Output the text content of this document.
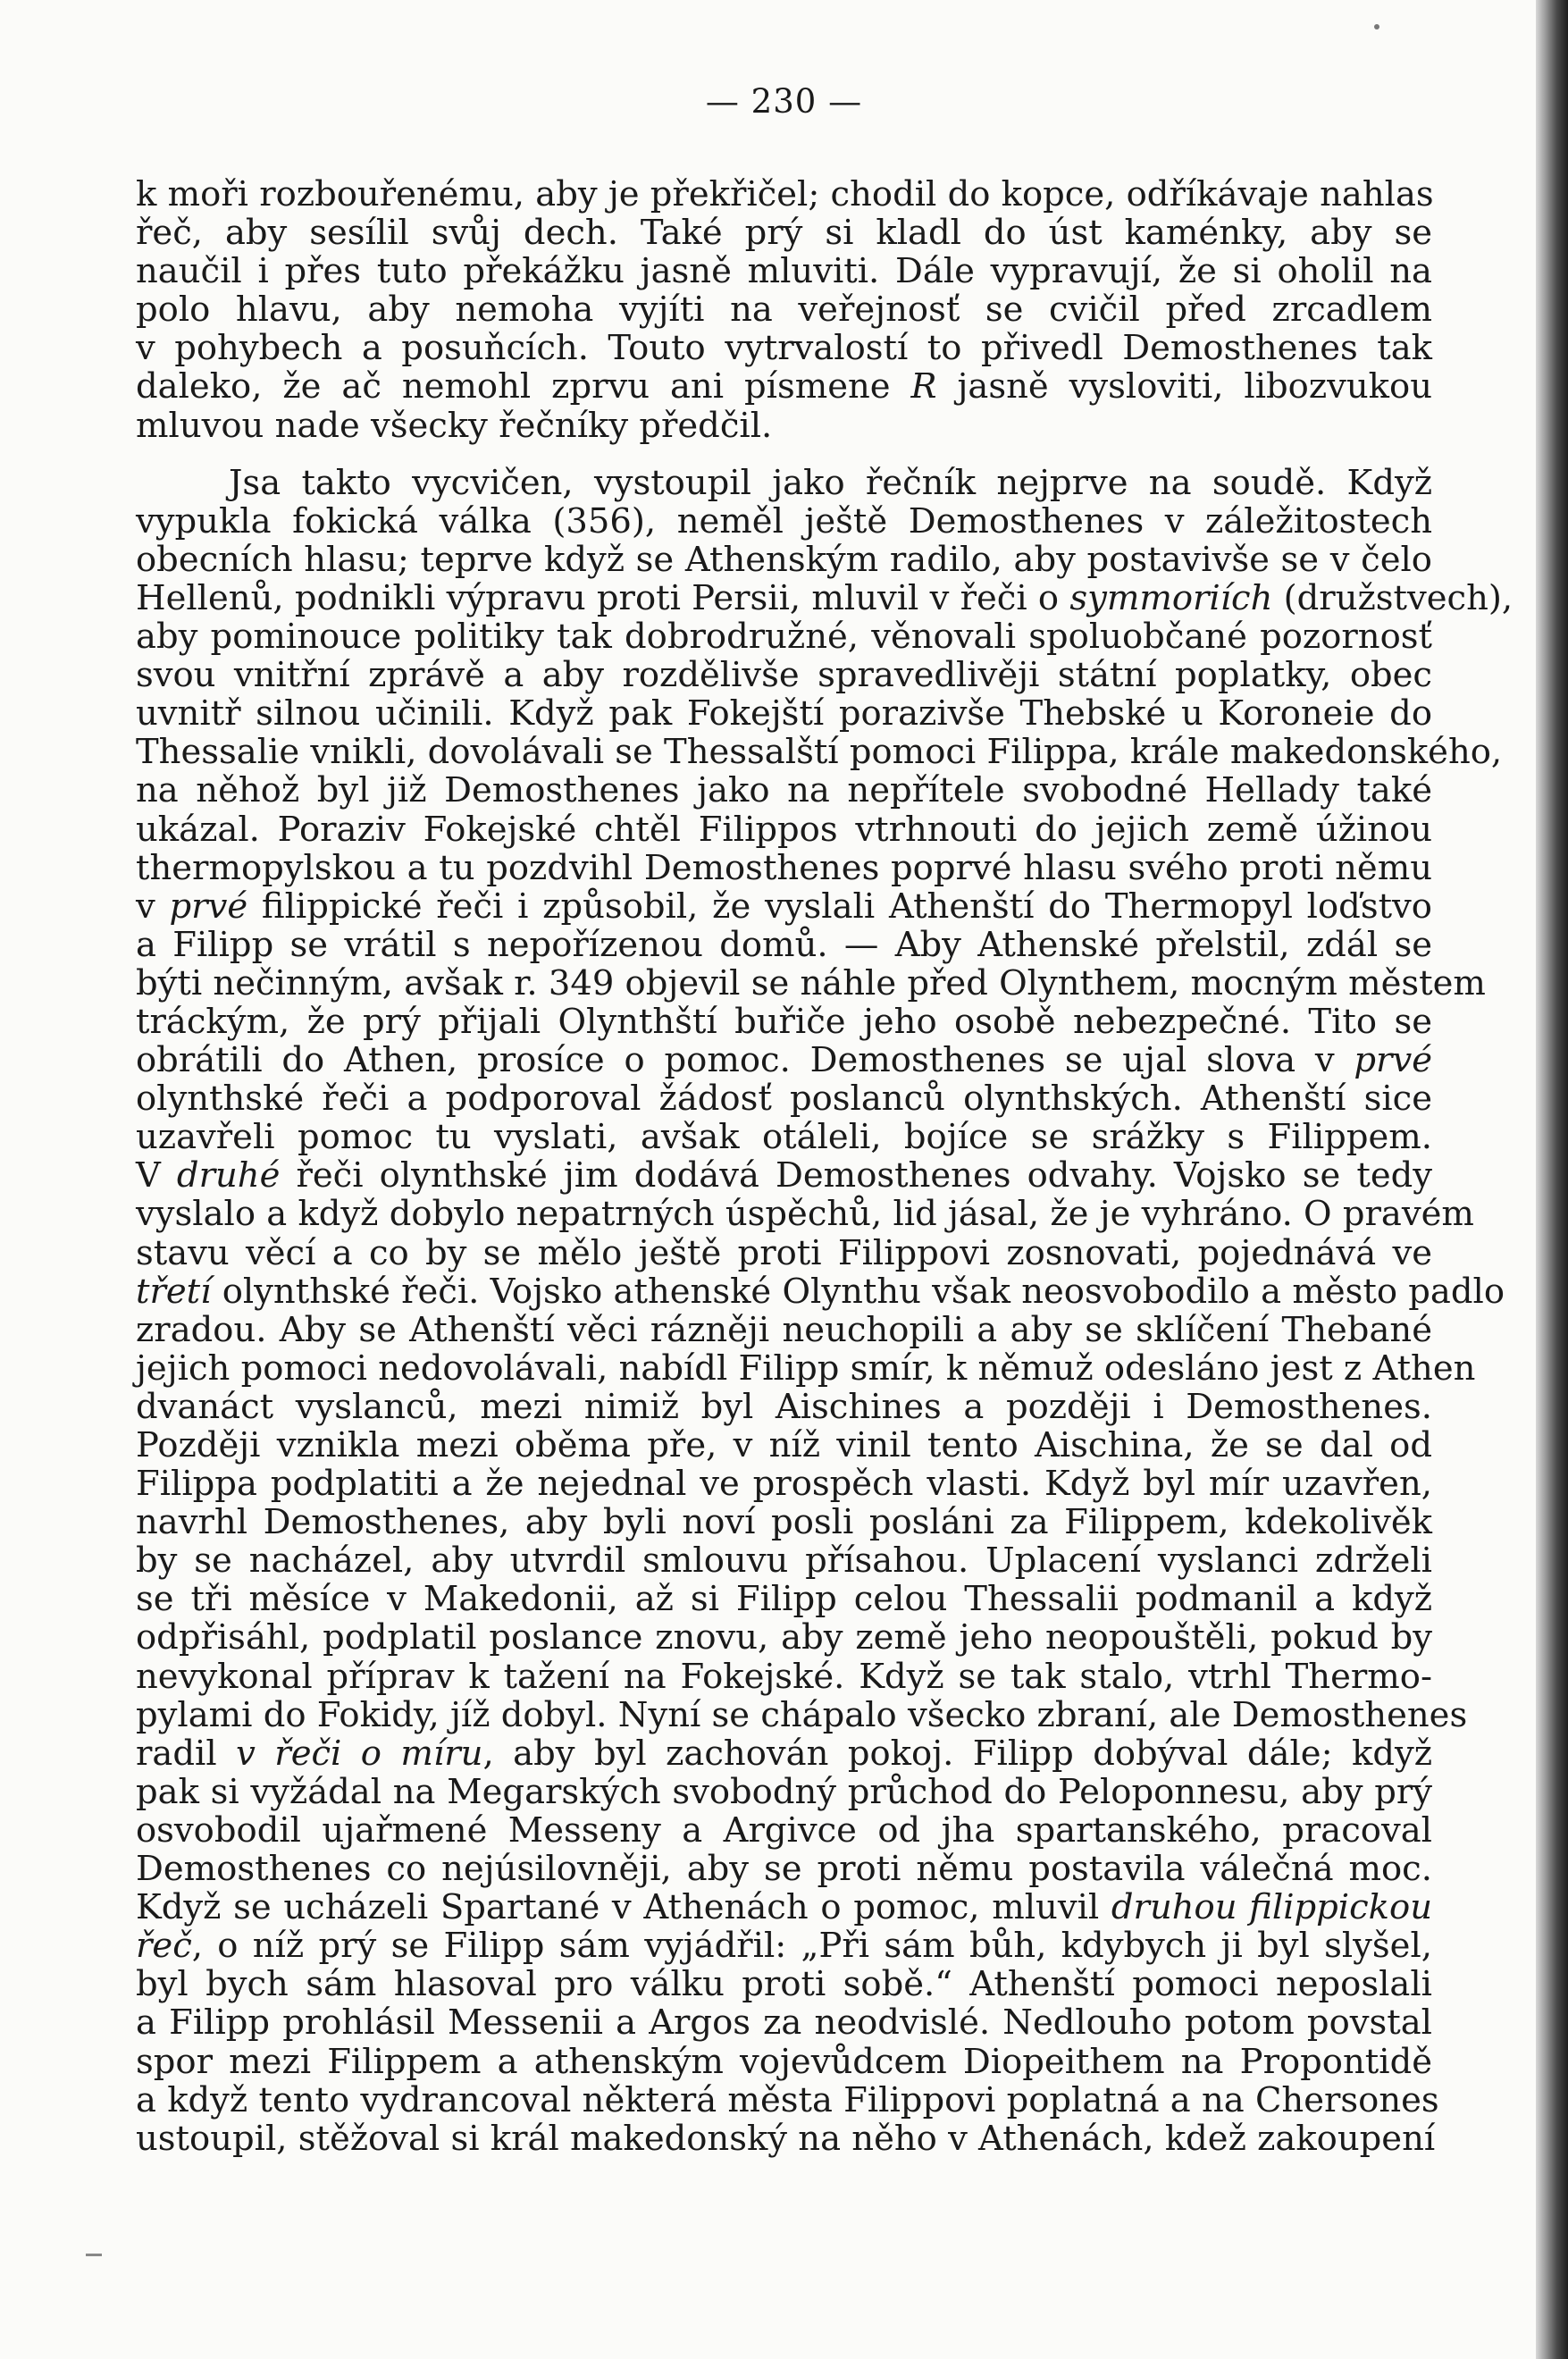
— 230 —
k moři rozbouřenému, aby je překřičel; chodil do kopce, odříkávaje nahlas
řeč, aby sesílil svůj dech. Také prý si kladl do úst kaménky, aby se
naučil i přes tuto překážku jasně mluviti. Dále vypravují, že si oholil na
polo hlavu, aby nemoha vyjíti na veřejnosť se cvičil před zrcadlem
v pohybech a posuňcích. Touto vytrvalostí to přivedl Demosthenes tak
daleko, že ač nemohl zprvu ani písmene R jasně vysloviti, libozvukou
mluvou nade všecky řečníky předčil.
Jsa takto vycvičen, vystoupil jako řečník nejprve na soudě. Když
vypukla fokická válka (356), neměl ještě Demosthenes v záležitostech
obecních hlasu; teprve když se Athenským radilo, aby postavivše se v čelo
Hellenů, podnikli výpravu proti Persii, mluvil v řeči o symmoriích (družstvech),
aby pominouce politiky tak dobrodružné, věnovali spoluobčané pozornosť
svou vnitřní zprávě a aby rozdělivše spravedlivěji státní poplatky, obec
uvnitř silnou učinili. Když pak Fokejští porazivše Thebské u Koroneie do
Thessalie vnikli, dovolávali se Thessalští pomoci Filippa, krále makedonského,
na něhož byl již Demosthenes jako na nepřítele svobodné Hellady také
ukázal. Poraziv Fokejské chtěl Filippos vtrhnouti do jejich země úžinou
thermopylskou a tu pozdvihl Demosthenes poprvé hlasu svého proti němu
v prvé filippické řeči i způsobil, že vyslali Athenští do Thermopyl loďstvo
a Filipp se vrátil s nepořízenou domů. — Aby Athenské přelstil, zdál se
býti nečinným, avšak r. 349 objevil se náhle před Olynthem, mocným městem
tráckým, že prý přijali Olynthští buřiče jeho osobě nebezpečné. Tito se
obrátili do Athen, prosíce o pomoc. Demosthenes se ujal slova v prvé
olynthské řeči a podporoval žádosť poslanců olynthských. Athenští sice
uzavřeli pomoc tu vyslati, avšak otáleli, bojíce se srážky s Filippem.
V druhé řeči olynthské jim dodává Demosthenes odvahy. Vojsko se tedy
vyslalo a když dobylo nepatrných úspěchů, lid jásal, že je vyhráno. O pravém
stavu věcí a co by se mělo ještě proti Filippovi zosnovati, pojednává ve
třetí olynthské řeči. Vojsko athenské Olynthu však neosvobodilo a město padlo
zradou. Aby se Athenští věci rázněji neuchopili a aby se sklíčení Thebané
jejich pomoci nedovolávali, nabídl Filipp smír, k němuž odesláno jest z Athen
dvanáct vyslanců, mezi nimiž byl Aischines a později i Demosthenes.
Později vznikla mezi oběma pře, v níž vinil tento Aischina, že se dal od
Filippa podplatiti a že nejednal ve prospěch vlasti. Když byl mír uzavřen,
navrhl Demosthenes, aby byli noví posli posláni za Filippem, kdekolivěk
by se nacházel, aby utvrdil smlouvu přísahou. Uplacení vyslanci zdrželi
se tři měsíce v Makedonii, až si Filipp celou Thessalii podmanil a když
odpřisáhl, podplatil poslance znovu, aby země jeho neopouštěli, pokud by
nevykonal příprav k tažení na Fokejské. Když se tak stalo, vtrhl Thermo-
pylami do Fokidy, jíž dobyl. Nyní se chápalo všecko zbraní, ale Demosthenes
radil v řeči o míru, aby byl zachován pokoj. Filipp dobýval dále; když
pak si vyžádal na Megarských svobodný průchod do Peloponnesu, aby prý
osvobodil ujařmené Messeny a Argivce od jha spartanského, pracoval
Demosthenes co nejúsilovněji, aby se proti němu postavila válečná moc.
Když se ucházeli Spartané v Athenách o pomoc, mluvil druhou filippickou
řeč, o níž prý se Filipp sám vyjádřil: „Při sám bůh, kdybych ji byl slyšel,
byl bych sám hlasoval pro válku proti sobě.“ Athenští pomoci neposlali
a Filipp prohlásil Messenii a Argos za neodvislé. Nedlouho potom povstal
spor mezi Filippem a athenským vojevůdcem Diopeithem na Propontidě
a když tento vydrancoval některá města Filippovi poplatná a na Chersones
ustoupil, stěžoval si král makedonský na něho v Athenách, kdež zakoupení
